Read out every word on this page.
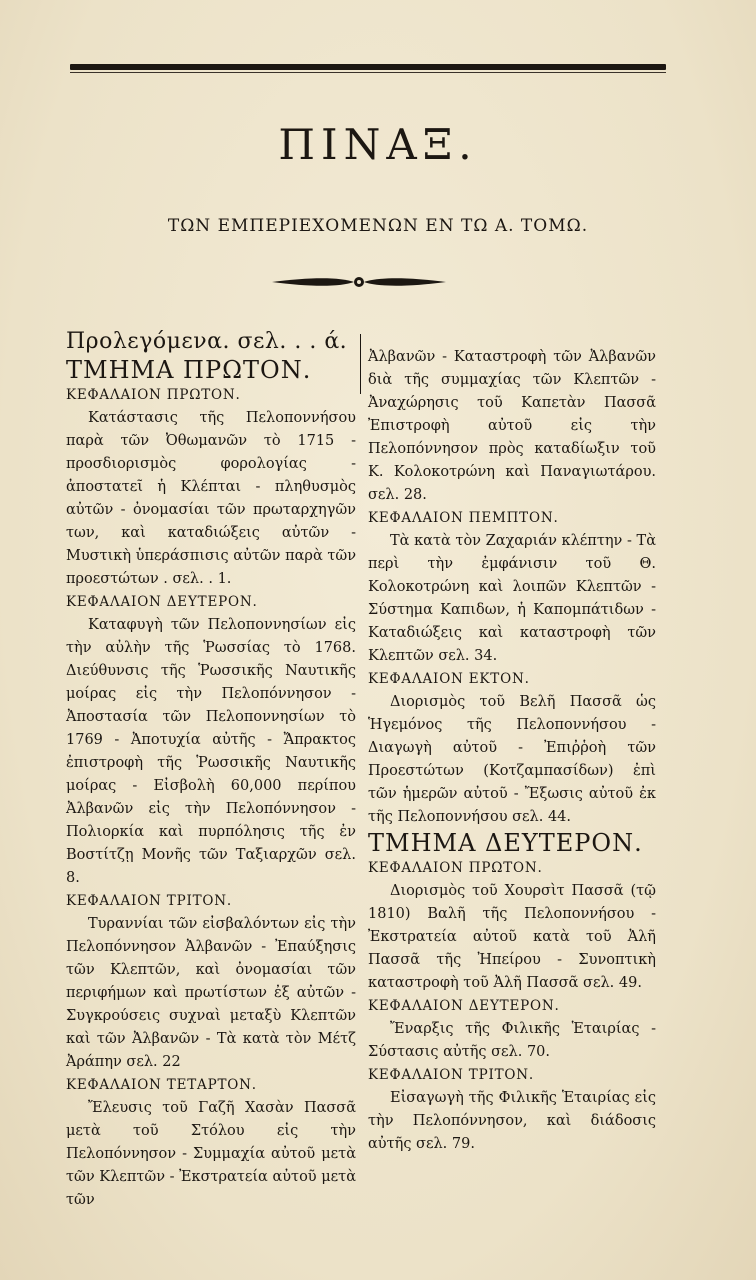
ΠΙΝΑΞ.
ΤΩΝ ΕΜΠΕΡΙΕΧΟΜΕΝΩΝ ΕΝ ΤΩ Α. ΤΟΜΩ.
Προλεγόμενα. σελ. . . ά.
ΤΜΗΜΑ ΠΡΩΤΟΝ.
ΚΕΦΑΛΑΙΟΝ ΠΡΩΤΟΝ.
Κατάστασις τῆς Πελοποννήσου παρὰ τῶν Ὀθωμανῶν τὸ 1715 - προσδιορισμὸς φορολογίας - ἀποστατεῖ ἡ Κλέπται - πληθυσμὸς αὐτῶν - ὀνομασίαι τῶν πρωταρχηγῶν των, καὶ καταδιώξεις αὐτῶν - Μυστικὴ ὑπεράσπισις αὐτῶν παρὰ τῶν προεστώτων . σελ. . 1.
ΚΕΦΑΛΑΙΟΝ ΔΕΥΤΕΡΟΝ.
Καταφυγὴ τῶν Πελοποννησίων εἰς τὴν αὐλὴν τῆς Ῥωσσίας τὸ 1768. Διεύθυνσις τῆς Ῥωσσικῆς Ναυτικῆς μοίρας εἰς τὴν Πελοπόννησον - Ἀποστασία τῶν Πελοποννησίων τὸ 1769 - Ἀποτυχία αὐτῆς - Ἄπρακτος ἐπιστροφὴ τῆς Ῥωσσικῆς Ναυτικῆς μοίρας - Εἰσβολὴ 60,000 περίπου Ἀλβανῶν εἰς τὴν Πελοπόννησον - Πολιορκία καὶ πυρπόλησις τῆς ἐν Βοστίτζῃ Μονῆς τῶν Ταξιαρχῶν σελ. 8.
ΚΕΦΑΛΑΙΟΝ ΤΡΙΤΟΝ.
Τυραννίαι τῶν εἰσβαλόντων εἰς τὴν Πελοπόννησον Ἀλβανῶν - Ἐπαύξησις τῶν Κλεπτῶν, καὶ ὀνομασίαι τῶν περιφήμων καὶ πρωτίστων ἐξ αὐτῶν - Συγκρούσεις συχναὶ μεταξὺ Κλεπτῶν καὶ τῶν Ἀλβανῶν - Τὰ κατὰ τὸν Μέτζ Ἀράπην σελ. 22
ΚΕΦΑΛΑΙΟΝ ΤΕΤΑΡΤΟΝ.
Ἔλευσις τοῦ Γαζῆ Χασὰν Πασσᾶ μετὰ τοῦ Στόλου εἰς τὴν Πελοπόννησον - Συμμαχία αὐτοῦ μετὰ τῶν Κλεπτῶν - Ἐκστρατεία αὐτοῦ μετὰ τῶν
Ἀλβανῶν - Καταστροφὴ τῶν Ἀλβανῶν διὰ τῆς συμμαχίας τῶν Κλεπτῶν - Ἀναχώρησις τοῦ Καπετὰν Πασσᾶ Ἐπιστροφὴ αὐτοῦ εἰς τὴν Πελοπόννησον πρὸς καταδίωξιν τοῦ Κ. Κολοκοτρώνη καὶ Παναγιωτάρου. σελ. 28.
ΚΕΦΑΛΑΙΟΝ ΠΕΜΠΤΟΝ.
Τὰ κατὰ τὸν Ζαχαριάν κλέπτην - Τὰ περὶ τὴν ἐμφάνισιν τοῦ Θ. Κολοκοτρώνη καὶ λοιπῶν Κλεπτῶν - Σύστημα Καπιδων, ἡ Καπομπάτιδων - Καταδιώξεις καὶ καταστροφὴ τῶν Κλεπτῶν σελ. 34.
ΚΕΦΑΛΑΙΟΝ ΕΚΤΟΝ.
Διορισμὸς τοῦ Βελῆ Πασσᾶ ὡς Ἡγεμόνος τῆς Πελοποννήσου - Διαγωγὴ αὐτοῦ - Ἐπιῤῥοὴ τῶν Προεστώτων (Κοτζαμπασίδων) ἐπὶ τῶν ἡμερῶν αὐτοῦ - Ἔξωσις αὐτοῦ ἐκ τῆς Πελοποννήσου σελ. 44.
ΤΜΗΜΑ ΔΕΥΤΕΡΟΝ.
ΚΕΦΑΛΑΙΟΝ ΠΡΩΤΟΝ.
Διορισμὸς τοῦ Χουρσὶτ Πασσᾶ (τῷ 1810) Βαλῆ τῆς Πελοποννήσου - Ἐκστρατεία αὐτοῦ κατὰ τοῦ Ἀλῆ Πασσᾶ τῆς Ἠπείρου - Συνοπτικὴ καταστροφὴ τοῦ Ἀλῆ Πασσᾶ σελ. 49.
ΚΕΦΑΛΑΙΟΝ ΔΕΥΤΕΡΟΝ.
Ἔναρξις τῆς Φιλικῆς Ἑταιρίας - Σύστασις αὐτῆς σελ. 70.
ΚΕΦΑΛΑΙΟΝ ΤΡΙΤΟΝ.
Εἰσαγωγὴ τῆς Φιλικῆς Ἑταιρίας εἰς τὴν Πελοπόννησον, καὶ διάδοσις αὐτῆς σελ. 79.
